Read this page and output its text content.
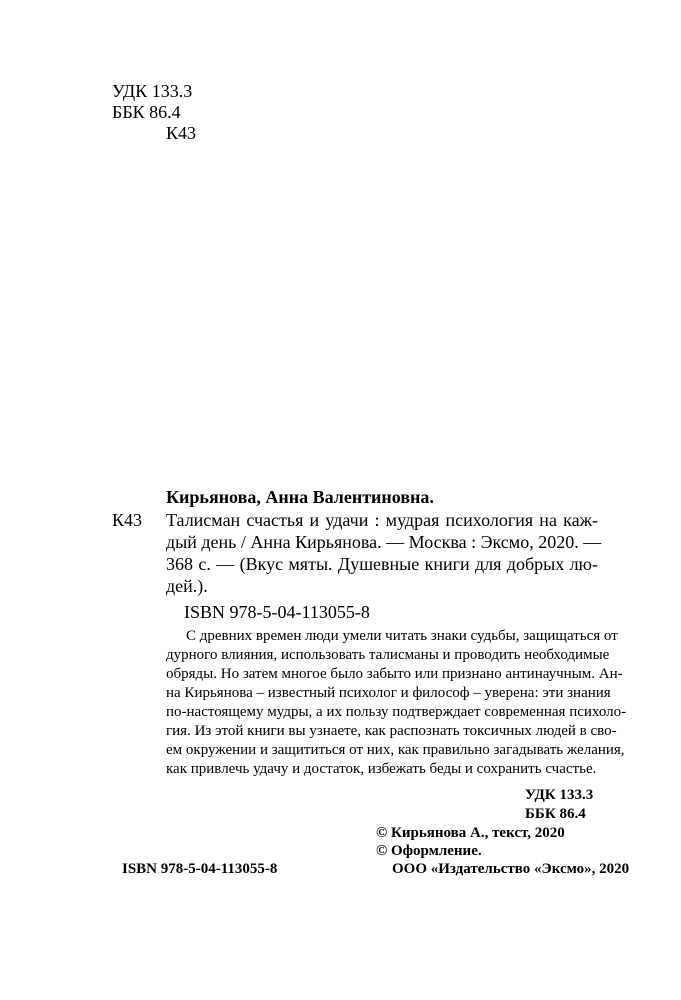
УДК 133.3
ББК 86.4
К43
Кирьянова, Анна Валентиновна.
К43 Талисман счастья и удачи : мудрая психология на каж-
дый день / Анна Кирьянова. — Москва : Эксмо, 2020. —
368 с. — (Вкус мяты. Душевные книги для добрых лю-
дей.).
ISBN 978-5-04-113055-8
С древних времен люди умели читать знаки судьбы, защищаться от
дурного влияния, использовать талисманы и проводить необходимые
обряды. Но затем многое было забыто или признано антинаучным. Ан-
на Кирьянова – известный психолог и философ – уверена: эти знания
по-настоящему мудры, а их пользу подтверждает современная психоло-
гия. Из этой книги вы узнаете, как распознать токсичных людей в сво-
ем окружении и защититься от них, как правильно загадывать желания,
как привлечь удачу и достаток, избежать беды и сохранить счастье.
УДК 133.3
ББК 86.4
ISBN 978-5-04-113055-8
© Кирьянова А., текст, 2020
© Оформление.
ООО «Издательство «Эксмо», 2020
